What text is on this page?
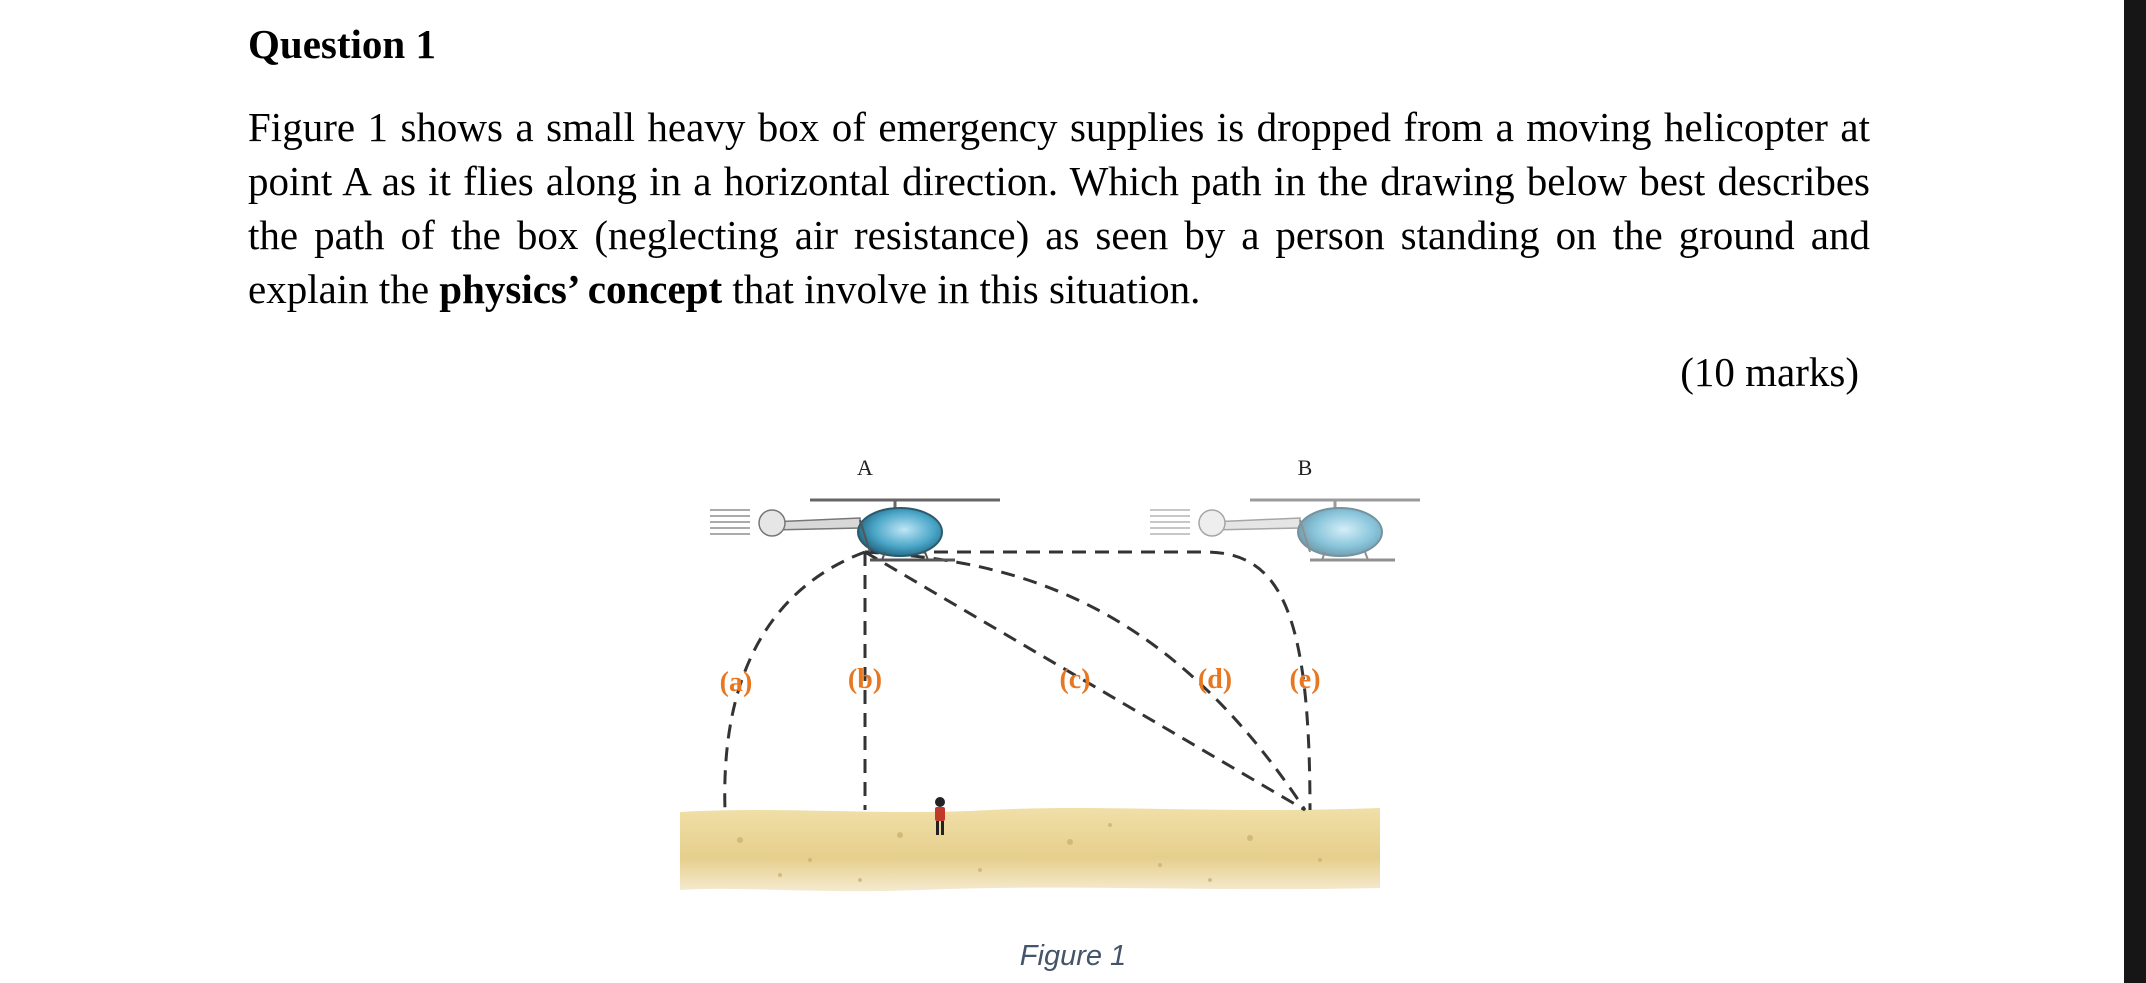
Question 1

Figure 1 shows a small heavy box of emergency supplies is dropped from a moving helicopter at point A as it flies along in a horizontal direction. Which path in the drawing below best describes the path of the box (neglecting air resistance) as seen by a person standing on the ground and explain the physics’ concept that involve in this situation.

(10 marks)
A	B
(a)	(b)	(c)	(d) (e)
Figure 1
